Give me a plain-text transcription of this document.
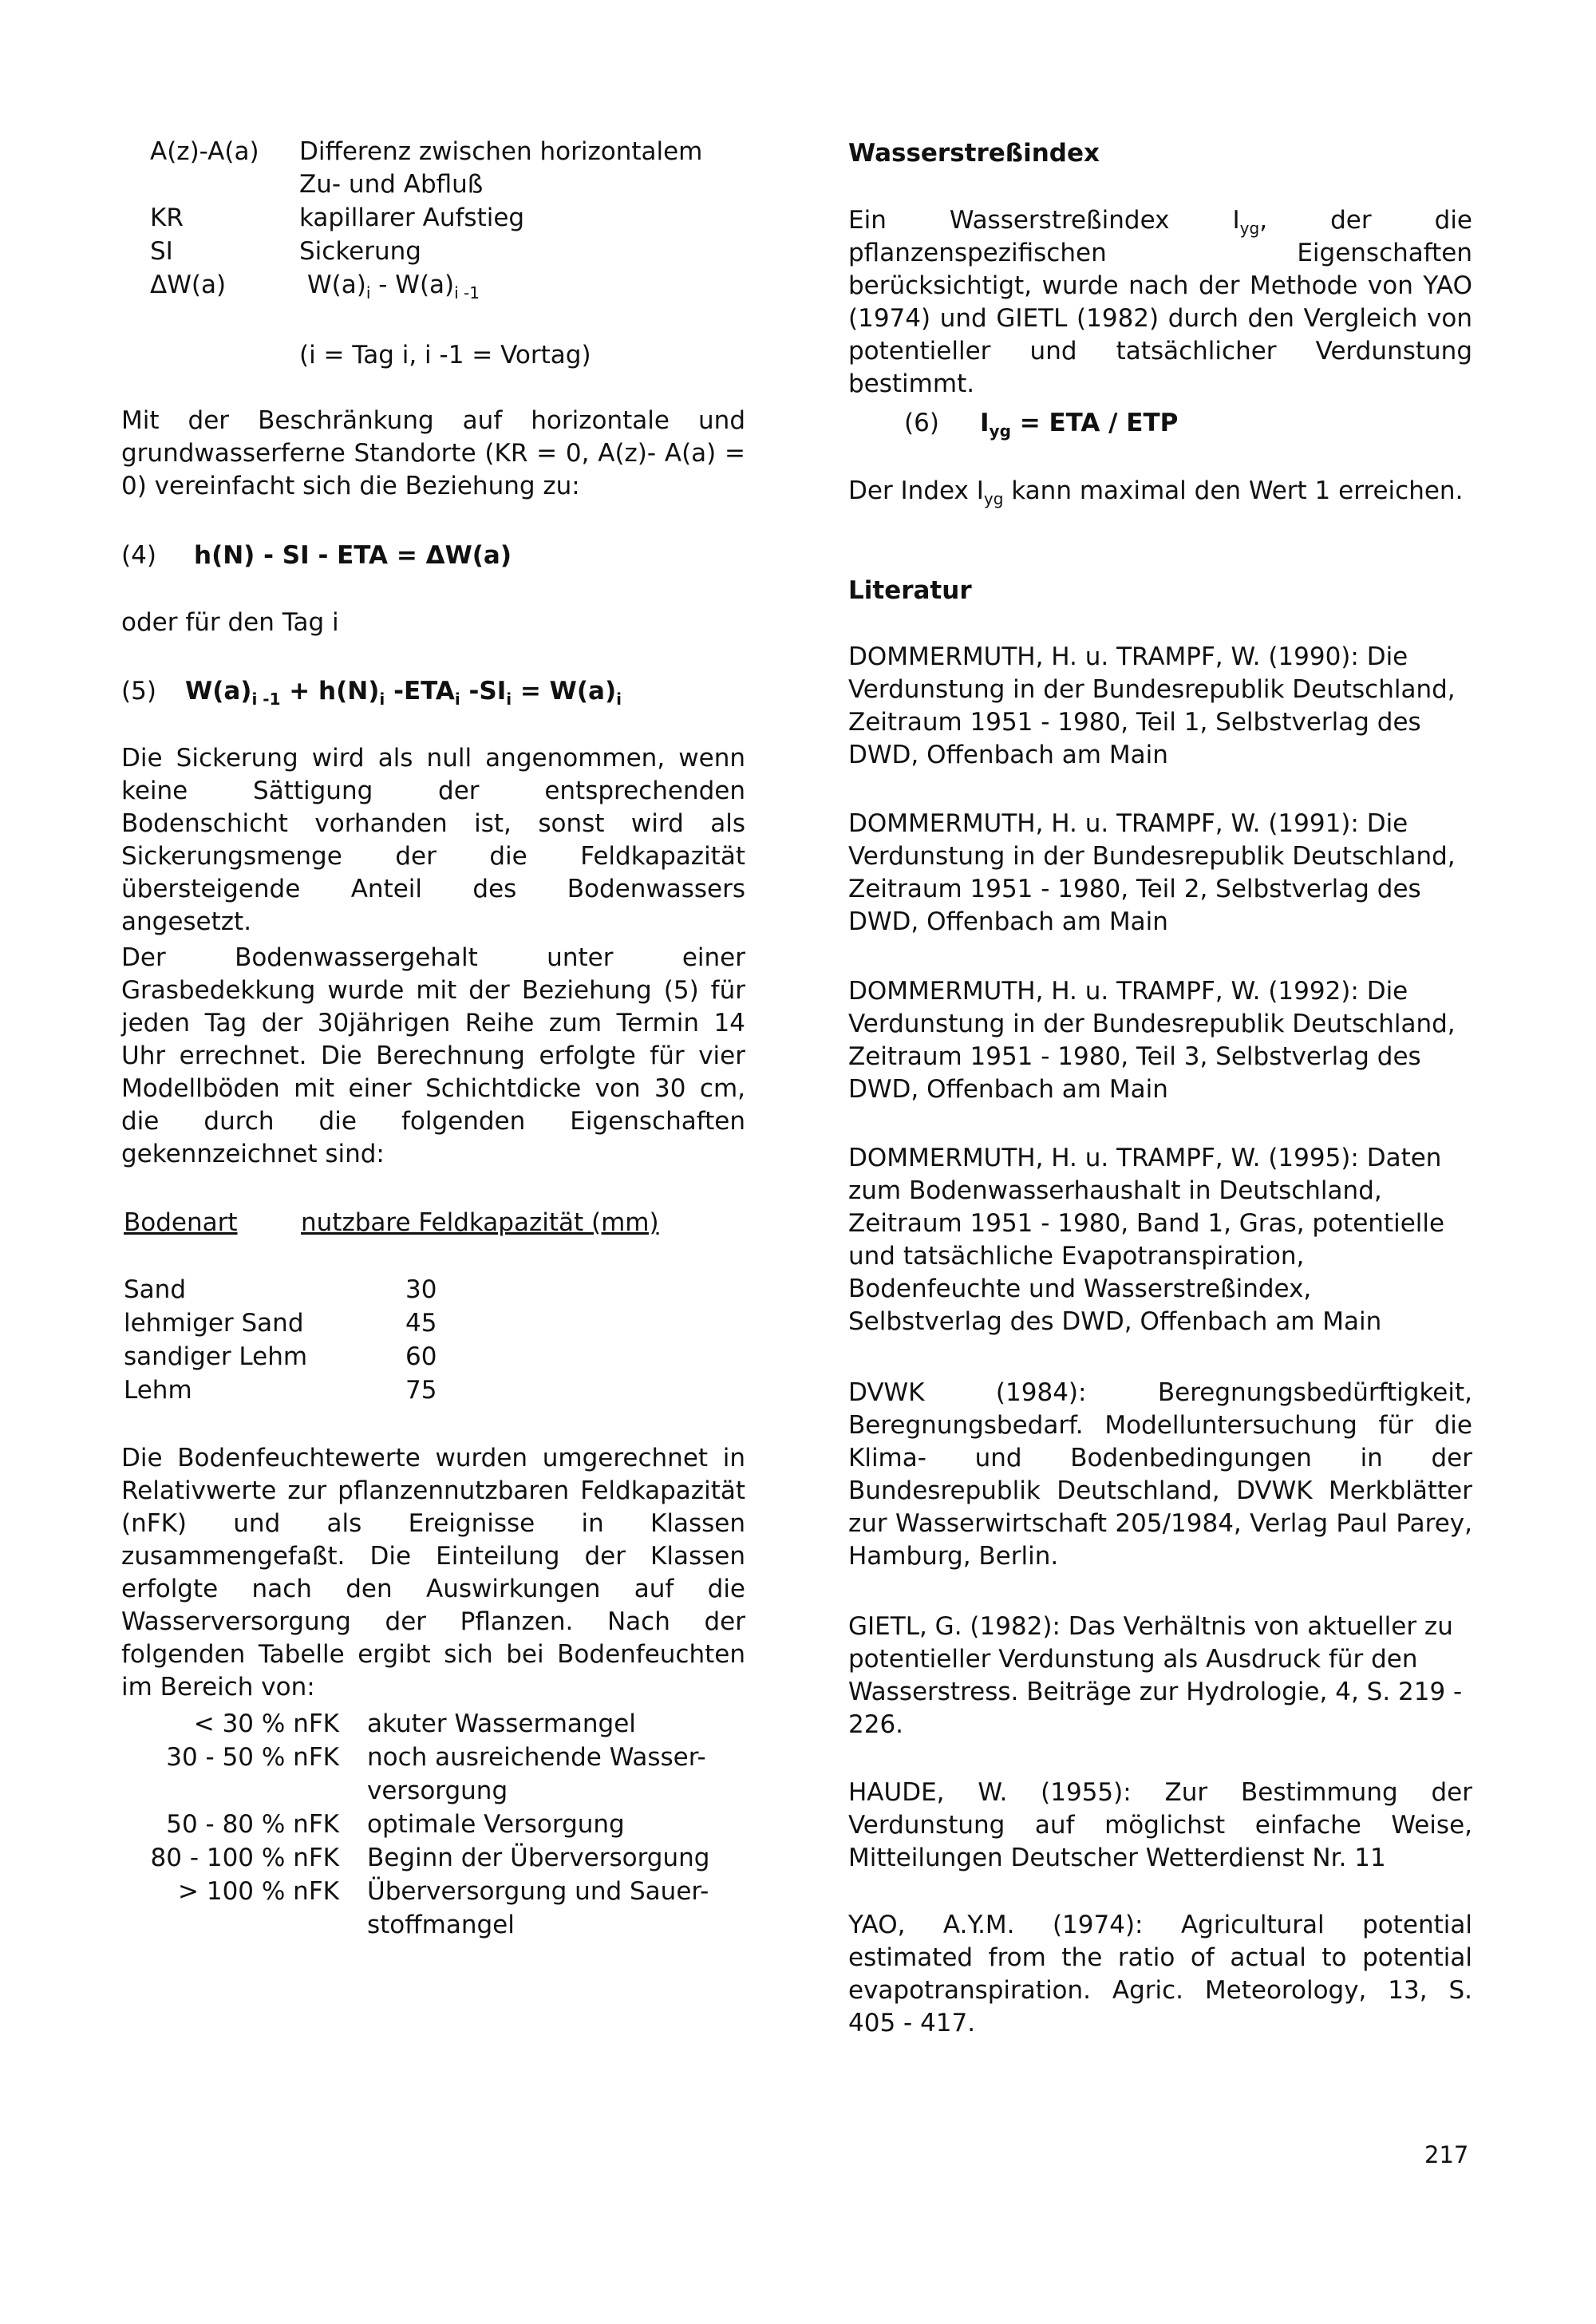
A(z)-A(a) Differenz zwischen horizontalem
Zu- und Abfluß
KR	kapillarer Aufstieg
SI	Sickerung
ΔW(a)	$W(a)_i - W(a)_{i -1}$
(i = Tag i, i -1 = Vortag)

Mit der Beschränkung auf horizontale und grundwasserferne Standorte (KR = 0, A(z)- A(a) = 0) vereinfacht sich die Beziehung zu:

(4) h(N) - SI - ETA = ΔW(a)
oder für den Tag i
(5) $W(a)_{i -1} + h(N)_i$ $-ETA_i$ $-SI_i = W(a)_i$

Die Sickerung wird als null angenommen, wenn keine Sättigung der entsprechenden Bodenschicht vorhanden ist, sonst wird als Sickerungsmenge der die Feldkapazität übersteigende Anteil des Bodenwassers angesetzt.

Der Bodenwassergehalt unter einer Grasbedekkung wurde mit der Beziehung (5) für jeden Tag der 30jährigen Reihe zum Termin 14 Uhr errechnet. Die Berechnung erfolgte für vier Modellböden mit einer Schichtdicke von 30 cm, die durch die folgenden Eigenschaften gekennzeichnet sind:

Bodenart	nutzbare Feldkapazität (mm)
Sand	30
lehmiger Sand	45
sandiger Lehm	60
Lehm	75

Die Bodenfeuchtewerte wurden umgerechnet in Relativwerte zur pflanzennutzbaren Feldkapazität (nFK) und als Ereignisse in Klassen zusammengefaßt. Die Einteilung der Klassen erfolgte nach den Auswirkungen auf die Wasserversorgung der Pflanzen. Nach der folgenden Tabelle ergibt sich bei Bodenfeuchten im Bereich von:

< 30 % nFK akuter Wassermangel
30 - 50 % nFK noch ausreichende Wasser-
versorgung
50 - 80 % nFK optimale Versorgung
80 - 100 % nFK Beginn der Überversorgung
> 100 % nFK Überversorgung und Sauer-
stoffmangel
Wasserstreßindex

Ein Wasserstreßindex $I_{yg}$, der die pflanzenspezifischen Eigenschaften berücksichtigt, wurde nach der Methode von YAO (1974) und GIETL (1982) durch den Vergleich von potentieller und tatsächlicher Verdunstung bestimmt.

(6) $I_{yg}$ = ETA / ETP

Der Index $I_{yg}$ kann maximal den Wert 1 erreichen.

Literatur

DOMMERMUTH, H. u. TRAMPF, W. (1990): Die Verdunstung in der Bundesrepublik Deutschland, Zeitraum 1951 - 1980, Teil 1, Selbstverlag des DWD, Offenbach am Main

DOMMERMUTH, H. u. TRAMPF, W. (1991): Die Verdunstung in der Bundesrepublik Deutschland, Zeitraum 1951 - 1980, Teil 2, Selbstverlag des DWD, Offenbach am Main

DOMMERMUTH, H. u. TRAMPF, W. (1992): Die Verdunstung in der Bundesrepublik Deutschland, Zeitraum 1951 - 1980, Teil 3, Selbstverlag des DWD, Offenbach am Main

DOMMERMUTH, H. u. TRAMPF, W. (1995): Daten zum Bodenwasserhaushalt in Deutschland, Zeitraum 1951 - 1980, Band 1, Gras, potentielle und tatsächliche Evapotranspiration, Bodenfeuchte und Wasserstreßindex, Selbstverlag des DWD, Offenbach am Main

DVWK (1984): Beregnungsbedürftigkeit, Beregnungsbedarf. Modelluntersuchung für die Klima- und Bodenbedingungen in der Bundesrepublik Deutschland, DVWK Merkblätter zur Wasserwirtschaft 205/1984, Verlag Paul Parey, Hamburg, Berlin.

GIETL, G. (1982): Das Verhältnis von aktueller zu potentieller Verdunstung als Ausdruck für den Wasserstress. Beiträge zur Hydrologie, 4, S. 219 - 226.

HAUDE, W. (1955): Zur Bestimmung der Verdunstung auf möglichst einfache Weise, Mitteilungen Deutscher Wetterdienst Nr. 11

YAO, A.Y.M. (1974): Agricultural potential estimated from the ratio of actual to potential evapotranspiration. Agric. Meteorology, 13, S. 405 - 417.

217
